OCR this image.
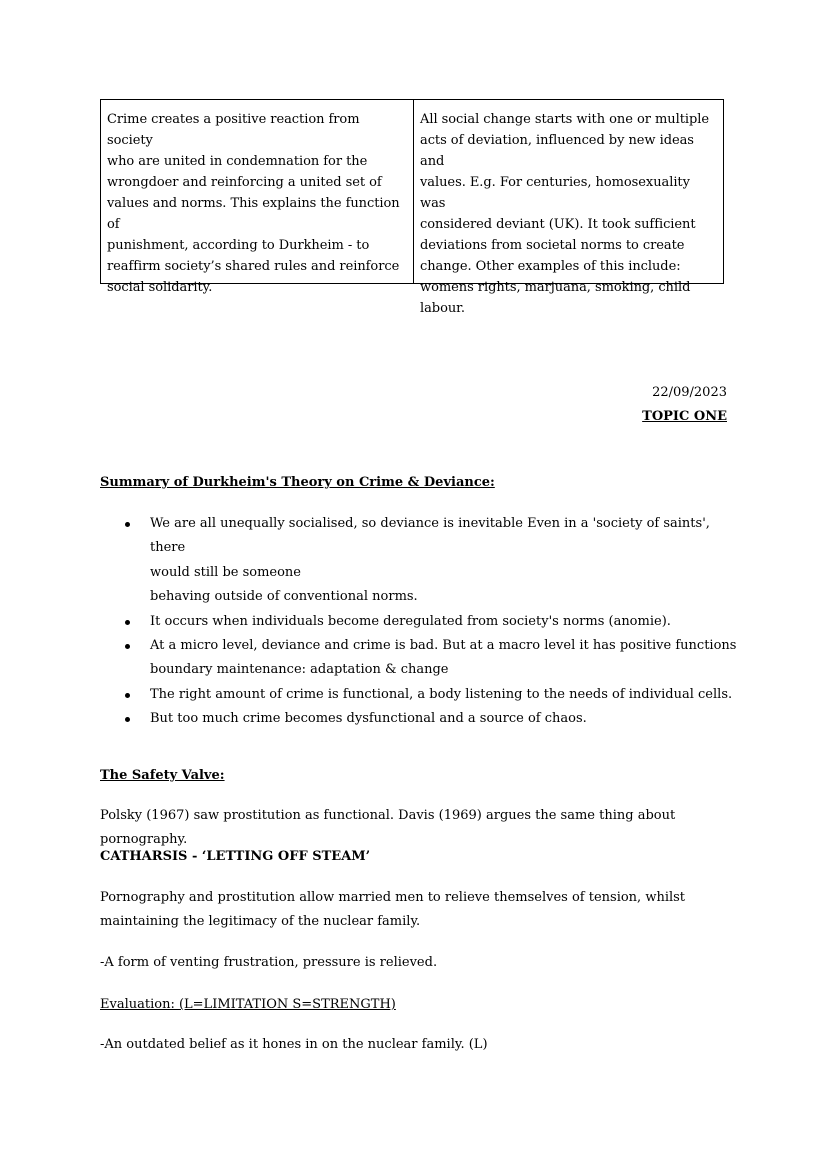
Crime creates a positive reaction from society
who are united in condemnation for the
wrongdoer and reinforcing a united set of
values and norms. This explains the function of
punishment, according to Durkheim - to
reaffirm society’s shared rules and reinforce
social solidarity.
All social change starts with one or multiple
acts of deviation, influenced by new ideas and
values. E.g. For centuries, homosexuality was
considered deviant (UK). It took sufficient
deviations from societal norms to create
change. Other examples of this include:
womens rights, marjuana, smoking, child
labour.
22/09/2023
TOPIC ONE
Summary of Durkheim's Theory on Crime & Deviance:
We are all unequally socialised, so deviance is inevitable Even in a 'society of saints', there
would still be someone
behaving outside of conventional norms.
It occurs when individuals become deregulated from society's norms (anomie).
At a micro level, deviance and crime is bad. But at a macro level it has positive functions
boundary maintenance: adaptation & change
The right amount of crime is functional, a body listening to the needs of individual cells.
But too much crime becomes dysfunctional and a source of chaos.
The Safety Valve:
Polsky (1967) saw prostitution as functional. Davis (1969) argues the same thing about pornography.
CATHARSIS - ‘LETTING OFF STEAM’
Pornography and prostitution allow married men to relieve themselves of tension, whilst
maintaining the legitimacy of the nuclear family.
-A form of venting frustration, pressure is relieved.
Evaluation: (L=LIMITATION S=STRENGTH)
-An outdated belief as it hones in on the nuclear family. (L)
